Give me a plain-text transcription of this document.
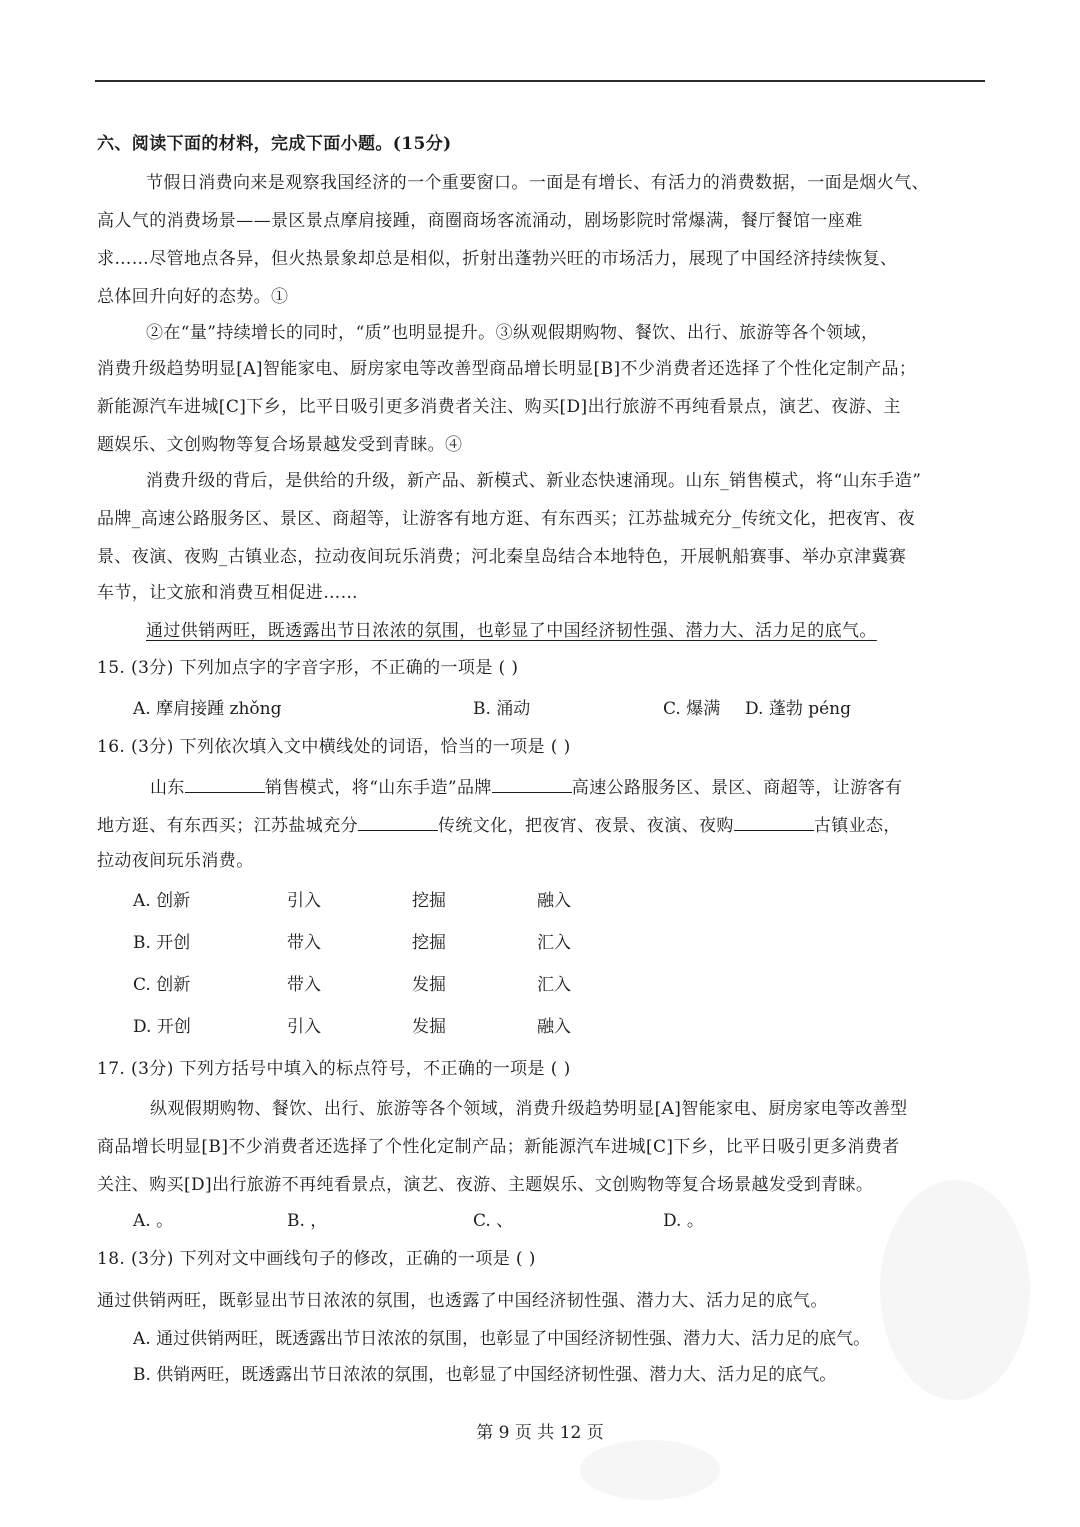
六、阅读下面的材料，完成下面小题。(15分)
节假日消费向来是观察我国经济的一个重要窗口。一面是有增长、有活力的消费数据，一面是烟火气、
高人气的消费场景——景区景点摩肩接踵，商圈商场客流涌动，剧场影院时常爆满，餐厅餐馆一座难
求……尽管地点各异，但火热景象却总是相似，折射出蓬勃兴旺的市场活力，展现了中国经济持续恢复、
总体回升向好的态势。①
②在“量”持续增长的同时，“质”也明显提升。③纵观假期购物、餐饮、出行、旅游等各个领域，
消费升级趋势明显[A]智能家电、厨房家电等改善型商品增长明显[B]不少消费者还选择了个性化定制产品；
新能源汽车进城[C]下乡，比平日吸引更多消费者关注、购买[D]出行旅游不再纯看景点，演艺、夜游、主
题娱乐、文创购物等复合场景越发受到青睐。④
消费升级的背后，是供给的升级，新产品、新模式、新业态快速涌现。山东_销售模式，将“山东手造”
品牌_高速公路服务区、景区、商超等，让游客有地方逛、有东西买；江苏盐城充分_传统文化，把夜宵、夜
景、夜演、夜购_古镇业态，拉动夜间玩乐消费；河北秦皇岛结合本地特色，开展帆船赛事、举办京津冀赛
车节，让文旅和消费互相促进……
通过供销两旺，既透露出节日浓浓的氛围，也彰显了中国经济韧性强、潜力大、活力足的底气。
15. (3分) 下列加点字的字音字形，不正确的一项是 ( )
A. 摩肩接踵 zhǒng	B. 涌动	C. 爆满 D. 蓬勃 péng
16. (3分) 下列依次填入文中横线处的词语，恰当的一项是 ( )
山东	销售模式，将“山东手造”品牌	高速公路服务区、景区、商超等，让游客有
地方逛、有东西买；江苏盐城充分	传统文化，把夜宵、夜景、夜演、夜购	古镇业态，
拉动夜间玩乐消费。
A. 创新	引入	挖掘	融入
B. 开创	带入	挖掘	汇入
C. 创新	带入	发掘	汇入
D. 开创	引入	发掘	融入
17. (3分) 下列方括号中填入的标点符号，不正确的一项是 ( )
纵观假期购物、餐饮、出行、旅游等各个领域，消费升级趋势明显[A]智能家电、厨房家电等改善型
商品增长明显[B]不少消费者还选择了个性化定制产品；新能源汽车进城[C]下乡，比平日吸引更多消费者
关注、购买[D]出行旅游不再纯看景点，演艺、夜游、主题娱乐、文创购物等复合场景越发受到青睐。
A. 。	B. ，	C. 、	D. 。
18. (3分) 下列对文中画线句子的修改，正确的一项是 ( )
通过供销两旺，既彰显出节日浓浓的氛围，也透露了中国经济韧性强、潜力大、活力足的底气。
A. 通过供销两旺，既透露出节日浓浓的氛围，也彰显了中国经济韧性强、潜力大、活力足的底气。
B. 供销两旺，既透露出节日浓浓的氛围，也彰显了中国经济韧性强、潜力大、活力足的底气。
第 9 页 共 12 页
